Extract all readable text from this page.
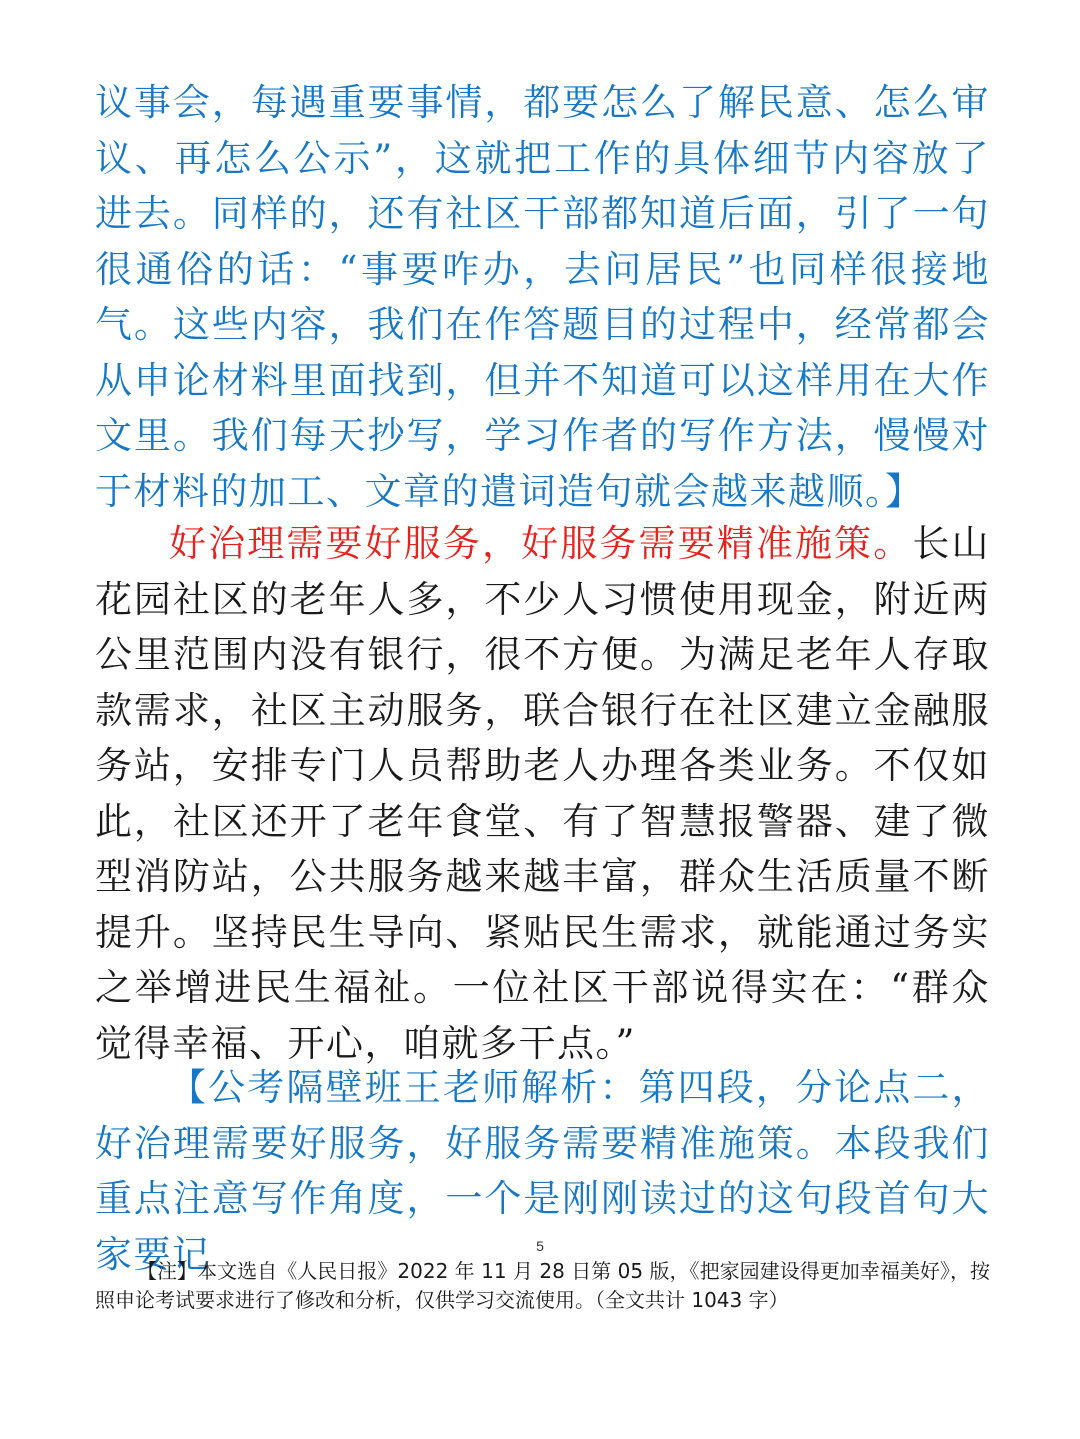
议事会，每遇重要事情，都要怎么了解民意、怎么审议、再怎么公示”，这就把工作的具体细节内容放了进去。同样的，还有社区干部都知道后面，引了一句很通俗的话：“事要咋办，去问居民”也同样很接地气。这些内容，我们在作答题目的过程中，经常都会从申论材料里面找到，但并不知道可以这样用在大作文里。我们每天抄写，学习作者的写作方法，慢慢对于材料的加工、文章的遣词造句就会越来越顺。】

好治理需要好服务，好服务需要精准施策。长山花园社区的老年人多，不少人习惯使用现金，附近两公里范围内没有银行，很不方便。为满足老年人存取款需求，社区主动服务，联合银行在社区建立金融服务站，安排专门人员帮助老人办理各类业务。不仅如此，社区还开了老年食堂、有了智慧报警器、建了微型消防站，公共服务越来越丰富，群众生活质量不断提升。坚持民生导向、紧贴民生需求，就能通过务实之举增进民生福祉。一位社区干部说得实在：“群众觉得幸福、开心，咱就多干点。”

【公考隔壁班王老师解析：第四段，分论点二，好治理需要好服务，好服务需要精准施策。本段我们重点注意写作角度，一个是刚刚读过的这句段首句大家要记	5

【注】本文选自《人民日报》2022 年 11 月 28 日第 05 版，《把家园建设得更加幸福美好》，按照申论考试要求进行了修改和分析，仅供学习交流使用。（全文共计 1043 字）
